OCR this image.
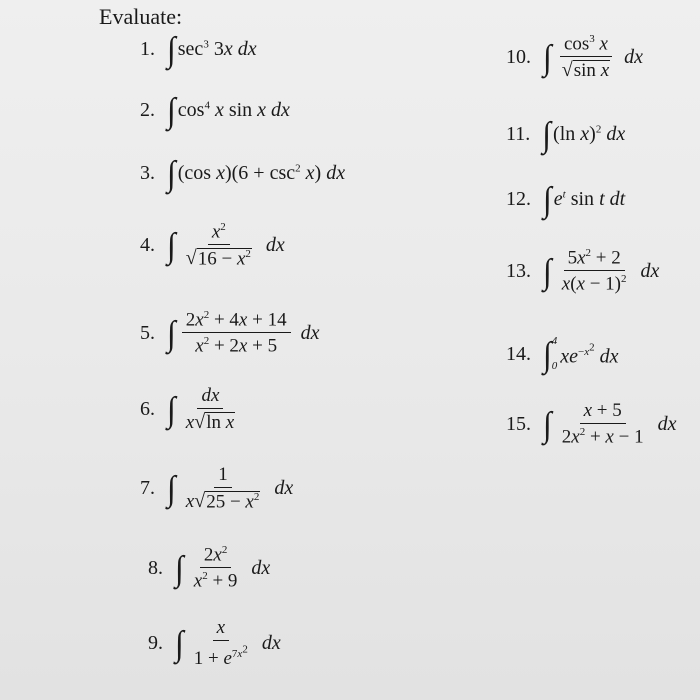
Evaluate:
1. ∫ $\sec^3 3x$ dx
2. ∫ $\cos^4 x$ sin x dx
3. ∫ (cos $x)(6 + \csc^2 x)$ dx
4. ∫ $\frac{x^2}{√ 16 - x^2}$ dx
5. ∫ $\frac{2x^2 + 4x + 14}{x^2 + 2x + 5}$ dx
6. ∫ $\frac{dx}{\text{x √ ln x}}$
7. ∫ $\frac{1}{x √ 25 - x^2}$ dx
8. ∫ $\frac{2x^2}{x^2 + 9}$ dx
9. ∫ $\frac{x}{1 + e^{7x^2}}$ dx
10. ∫ $\frac{\cos^3 x}{\text{√ sin x}}$ dx
11. ∫ (ln x)$^2$ dx
12. ∫ $e^t$ sin t dt
13. ∫ $\frac{5x^2 + 2}{x(x - 1)^2}$ dx
14. ∫ 4
0 $xe^{-x^2}$ dx
15. ∫ $\frac{x + 5}{2x^2 + x - 1}$ dx
